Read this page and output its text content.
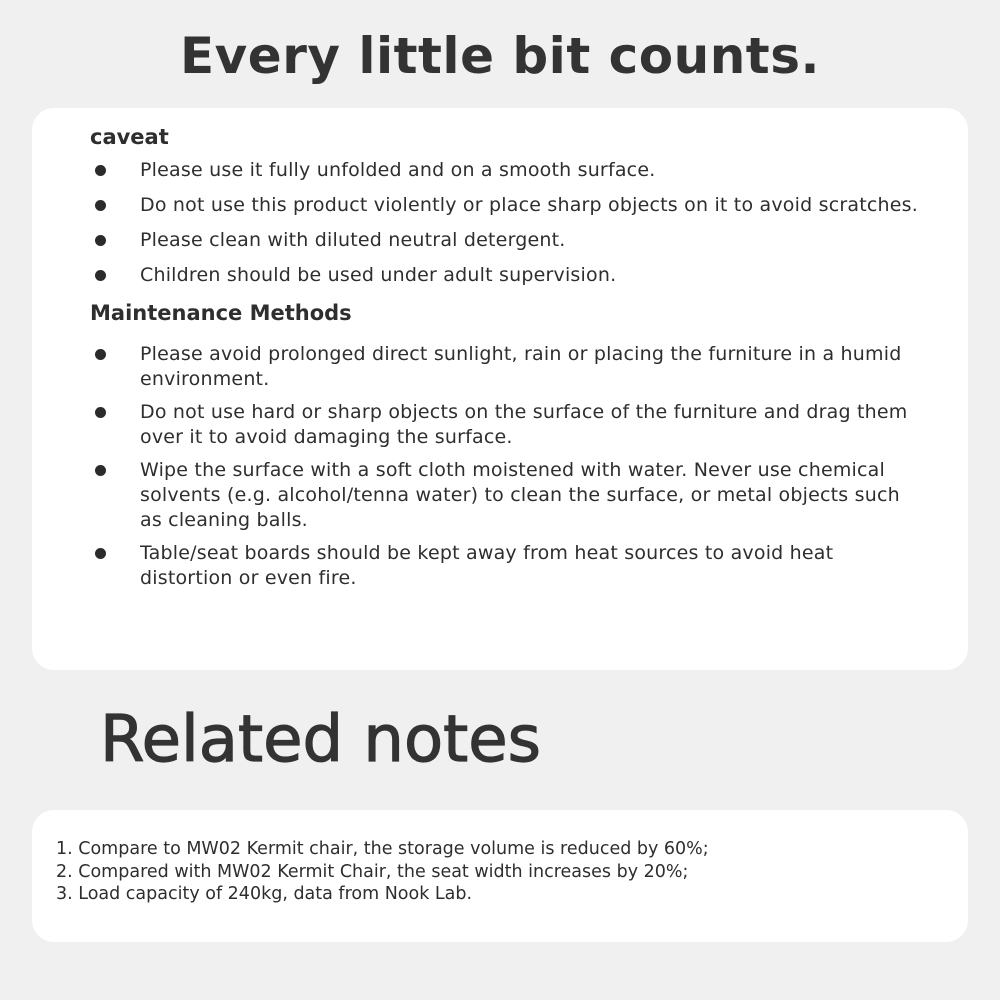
Every little bit counts.
caveat
Please use it fully unfolded and on a smooth surface.
Do not use this product violently or place sharp objects on it to avoid scratches.
Please clean with diluted neutral detergent.
Children should be used under adult supervision.
Maintenance Methods
Please avoid prolonged direct sunlight, rain or placing the furniture in a humid environment.
Do not use hard or sharp objects on the surface of the furniture and drag them over it to avoid damaging the surface.
Wipe the surface with a soft cloth moistened with water. Never use chemical solvents (e.g. alcohol/tenna water) to clean the surface, or metal objects such as cleaning balls.
Table/seat boards should be kept away from heat sources to avoid heat distortion or even fire.
Related notes

1. Compare to MW02 Kermit chair, the storage volume is reduced by 60%;

2. Compared with MW02 Kermit Chair, the seat width increases by 20%;

3. Load capacity of 240kg, data from Nook Lab.
